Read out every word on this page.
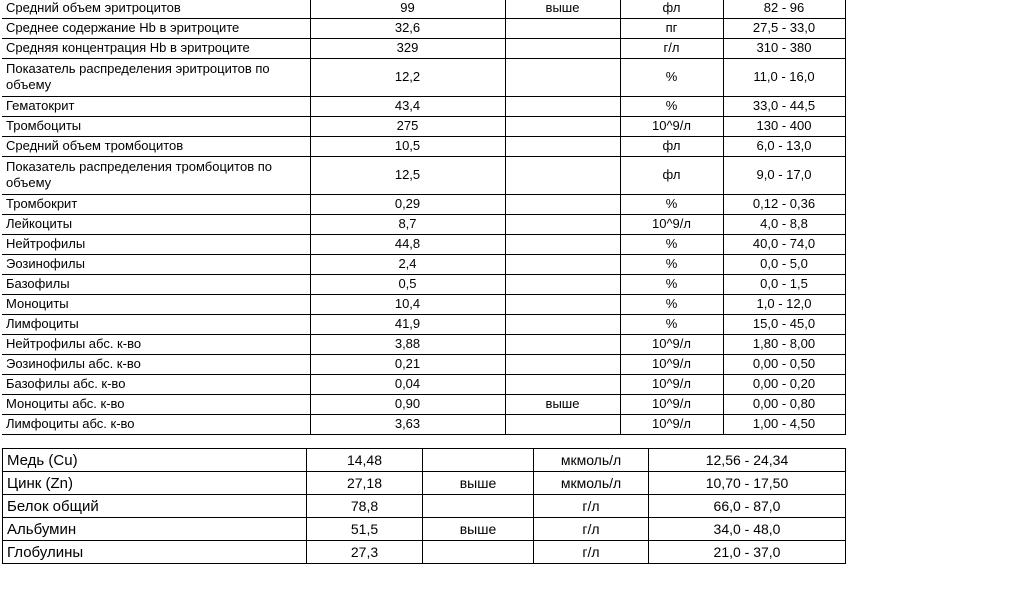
Средний объем эритроцитов	99	выше	фл	82 - 96
Среднее содержание Hb в эритроците	32,6		пг	27,5 - 33,0
Средняя концентрация Hb в эритроците	329		г/л	310 - 380
Показатель распределения эритроцитов по объему	12,2		%	11,0 - 16,0
Гематокрит	43,4		%	33,0 - 44,5
Тромбоциты	275		10^9/л	130 - 400
Средний объем тромбоцитов	10,5		фл	6,0 - 13,0
Показатель распределения тромбоцитов по объему	12,5		фл	9,0 - 17,0
Тромбокрит	0,29		%	0,12 - 0,36
Лейкоциты	8,7		10^9/л	4,0 - 8,8
Нейтрофилы	44,8		%	40,0 - 74,0
Эозинофилы	2,4		%	0,0 - 5,0
Базофилы	0,5		%	0,0 - 1,5
Моноциты	10,4		%	1,0 - 12,0
Лимфоциты	41,9		%	15,0 - 45,0
Нейтрофилы абс. к-во	3,88		10^9/л	1,80 - 8,00
Эозинофилы абс. к-во	0,21		10^9/л	0,00 - 0,50
Базофилы абс. к-во	0,04		10^9/л	0,00 - 0,20
Моноциты абс. к-во	0,90	выше	10^9/л	0,00 - 0,80
Лимфоциты абс. к-во	3,63		10^9/л	1,00 - 4,50
Медь (Cu)	14,48		мкмоль/л	12,56 - 24,34
Цинк (Zn)	27,18	выше	мкмоль/л	10,70 - 17,50
Белок общий	78,8		г/л	66,0 - 87,0
Альбумин	51,5	выше	г/л	34,0 - 48,0
Глобулины	27,3		г/л	21,0 - 37,0
